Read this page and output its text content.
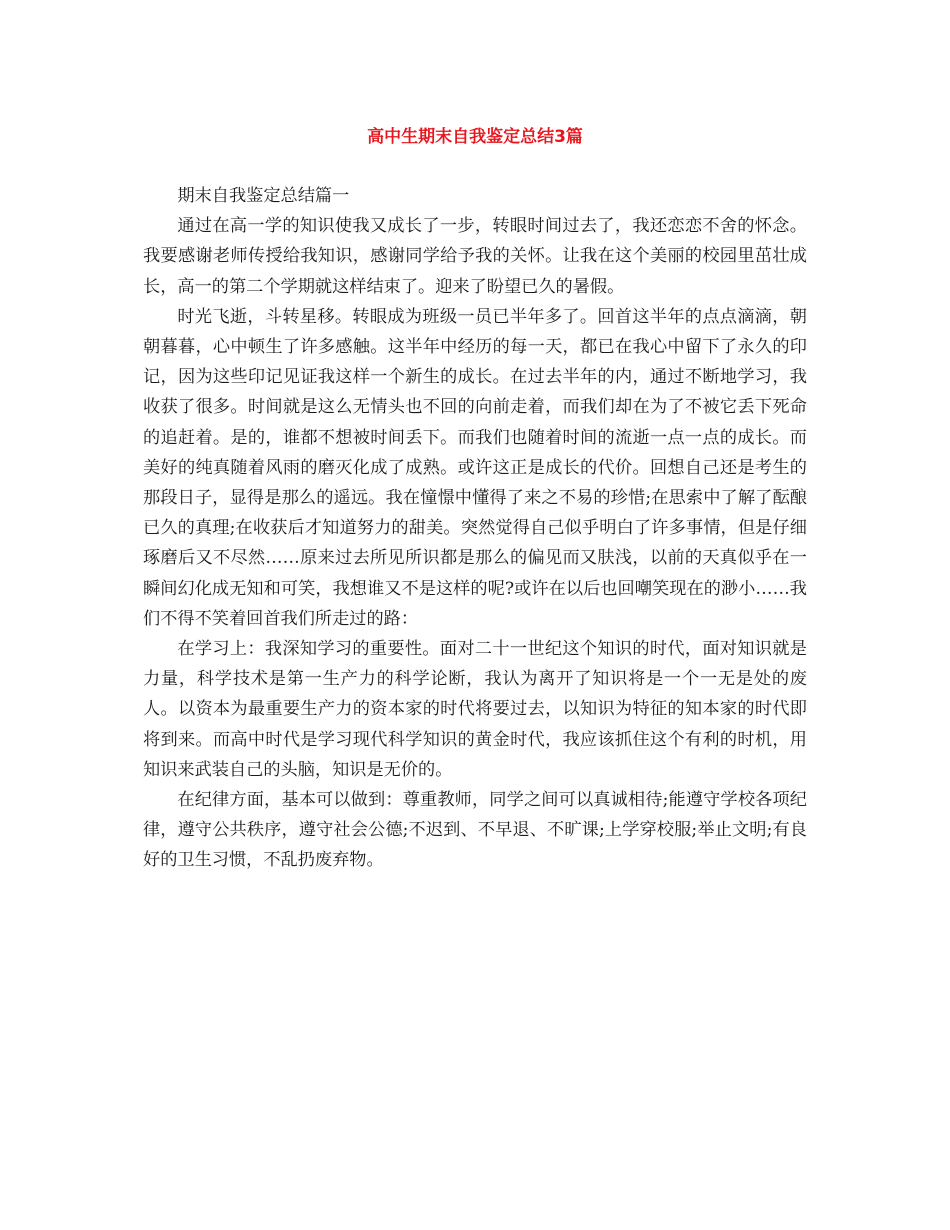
高中生期末自我鉴定总结3篇

期末自我鉴定总结篇一

通过在高一学的知识使我又成长了一步，转眼时间过去了，我还恋恋不舍的怀念。我要感谢老师传授给我知识，感谢同学给予我的关怀。让我在这个美丽的校园里茁壮成长，高一的第二个学期就这样结束了。迎来了盼望已久的暑假。

时光飞逝，斗转星移。转眼成为班级一员已半年多了。回首这半年的点点滴滴，朝朝暮暮，心中顿生了许多感触。这半年中经历的每一天，都已在我心中留下了永久的印记，因为这些印记见证我这样一个新生的成长。在过去半年的内，通过不断地学习，我收获了很多。时间就是这么无情头也不回的向前走着，而我们却在为了不被它丢下死命的追赶着。是的，谁都不想被时间丢下。而我们也随着时间的流逝一点一点的成长。而美好的纯真随着风雨的磨灭化成了成熟。或许这正是成长的代价。回想自己还是考生的那段日子，显得是那么的遥远。我在憧憬中懂得了来之不易的珍惜;在思索中了解了酝酿已久的真理;在收获后才知道努力的甜美。突然觉得自己似乎明白了许多事情，但是仔细琢磨后又不尽然……原来过去所见所识都是那么的偏见而又肤浅，以前的天真似乎在一瞬间幻化成无知和可笑，我想谁又不是这样的呢?或许在以后也回嘲笑现在的渺小……我们不得不笑着回首我们所走过的路：

在学习上：我深知学习的重要性。面对二十一世纪这个知识的时代，面对知识就是力量，科学技术是第一生产力的科学论断，我认为离开了知识将是一个一无是处的废人。以资本为最重要生产力的资本家的时代将要过去，以知识为特征的知本家的时代即将到来。而高中时代是学习现代科学知识的黄金时代，我应该抓住这个有利的时机，用知识来武装自己的头脑，知识是无价的。

在纪律方面，基本可以做到：尊重教师，同学之间可以真诚相待;能遵守学校各项纪律，遵守公共秩序，遵守社会公德;不迟到、不早退、不旷课;上学穿校服;举止文明;有良好的卫生习惯，不乱扔废弃物。
